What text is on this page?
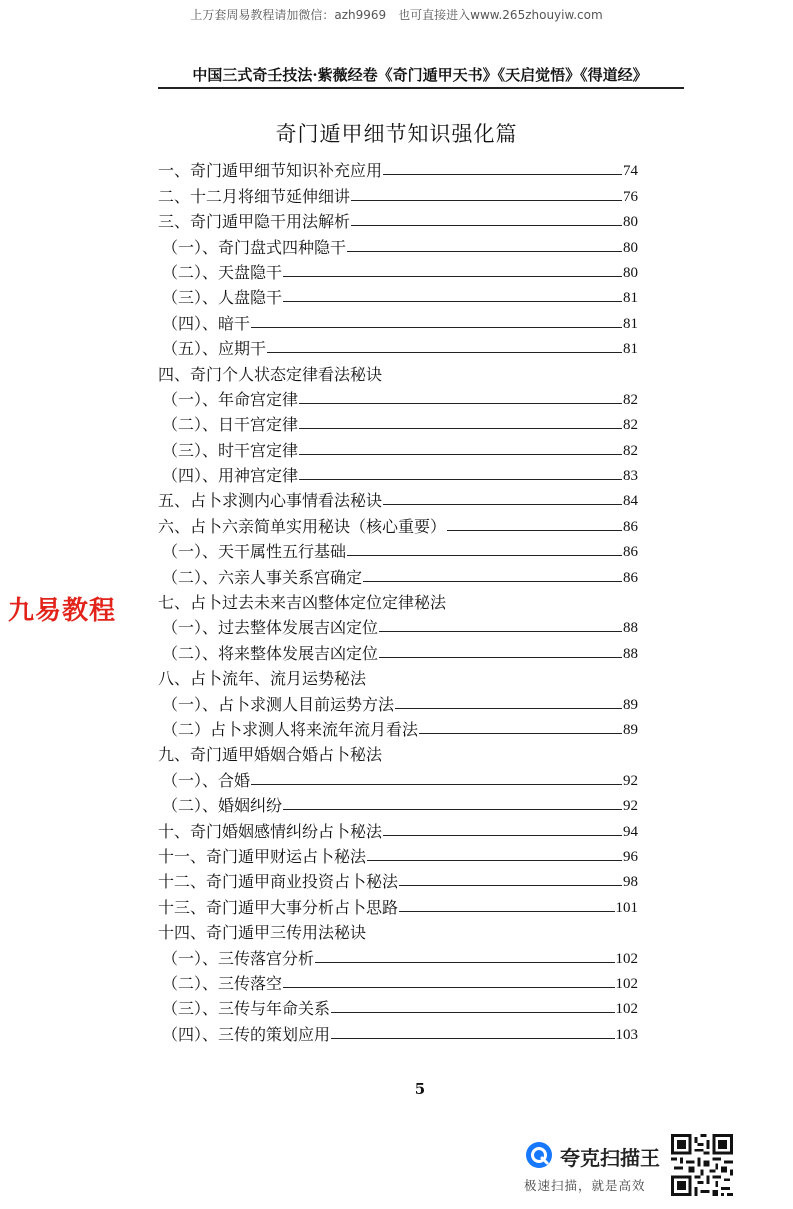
上万套周易教程请加微信：azh9969　也可直接进入www.265zhouyiw.com
中国三式奇壬技法·紫薇经卷《奇门遁甲天书》《天启觉悟》《得道经》
奇门遁甲细节知识强化篇
一、奇门遁甲细节知识补充应用	74
二、十二月将细节延伸细讲	76
三、奇门遁甲隐干用法解析	80
（一）、奇门盘式四种隐干	80
（二）、天盘隐干	80
（三）、人盘隐干	81
（四）、暗干	81
（五）、应期干	81
四、奇门个人状态定律看法秘诀
（一）、年命宫定律	82
（二）、日干宫定律	82
（三）、时干宫定律	82
（四）、用神宫定律	83
五、占卜求测内心事情看法秘诀	84
六、占卜六亲简单实用秘诀（核心重要）	86
（一）、天干属性五行基础	86
（二）、六亲人事关系宫确定	86
七、占卜过去未来吉凶整体定位定律秘法
（一）、过去整体发展吉凶定位	88
（二）、将来整体发展吉凶定位	88
八、占卜流年、流月运势秘法
（一）、占卜求测人目前运势方法	89
（二）占卜求测人将来流年流月看法	89
九、奇门遁甲婚姻合婚占卜秘法
（一）、合婚	92
（二）、婚姻纠纷	92
十、奇门婚姻感情纠纷占卜秘法	94
十一、奇门遁甲财运占卜秘法	96
十二、奇门遁甲商业投资占卜秘法	98
十三、奇门遁甲大事分析占卜思路	101
十四、奇门遁甲三传用法秘诀
（一）、三传落宫分析	102
（二）、三传落空	102
（三）、三传与年命关系	102
（四）、三传的策划应用	103
九易教程
5
夸克扫描王
极速扫描，就是高效
